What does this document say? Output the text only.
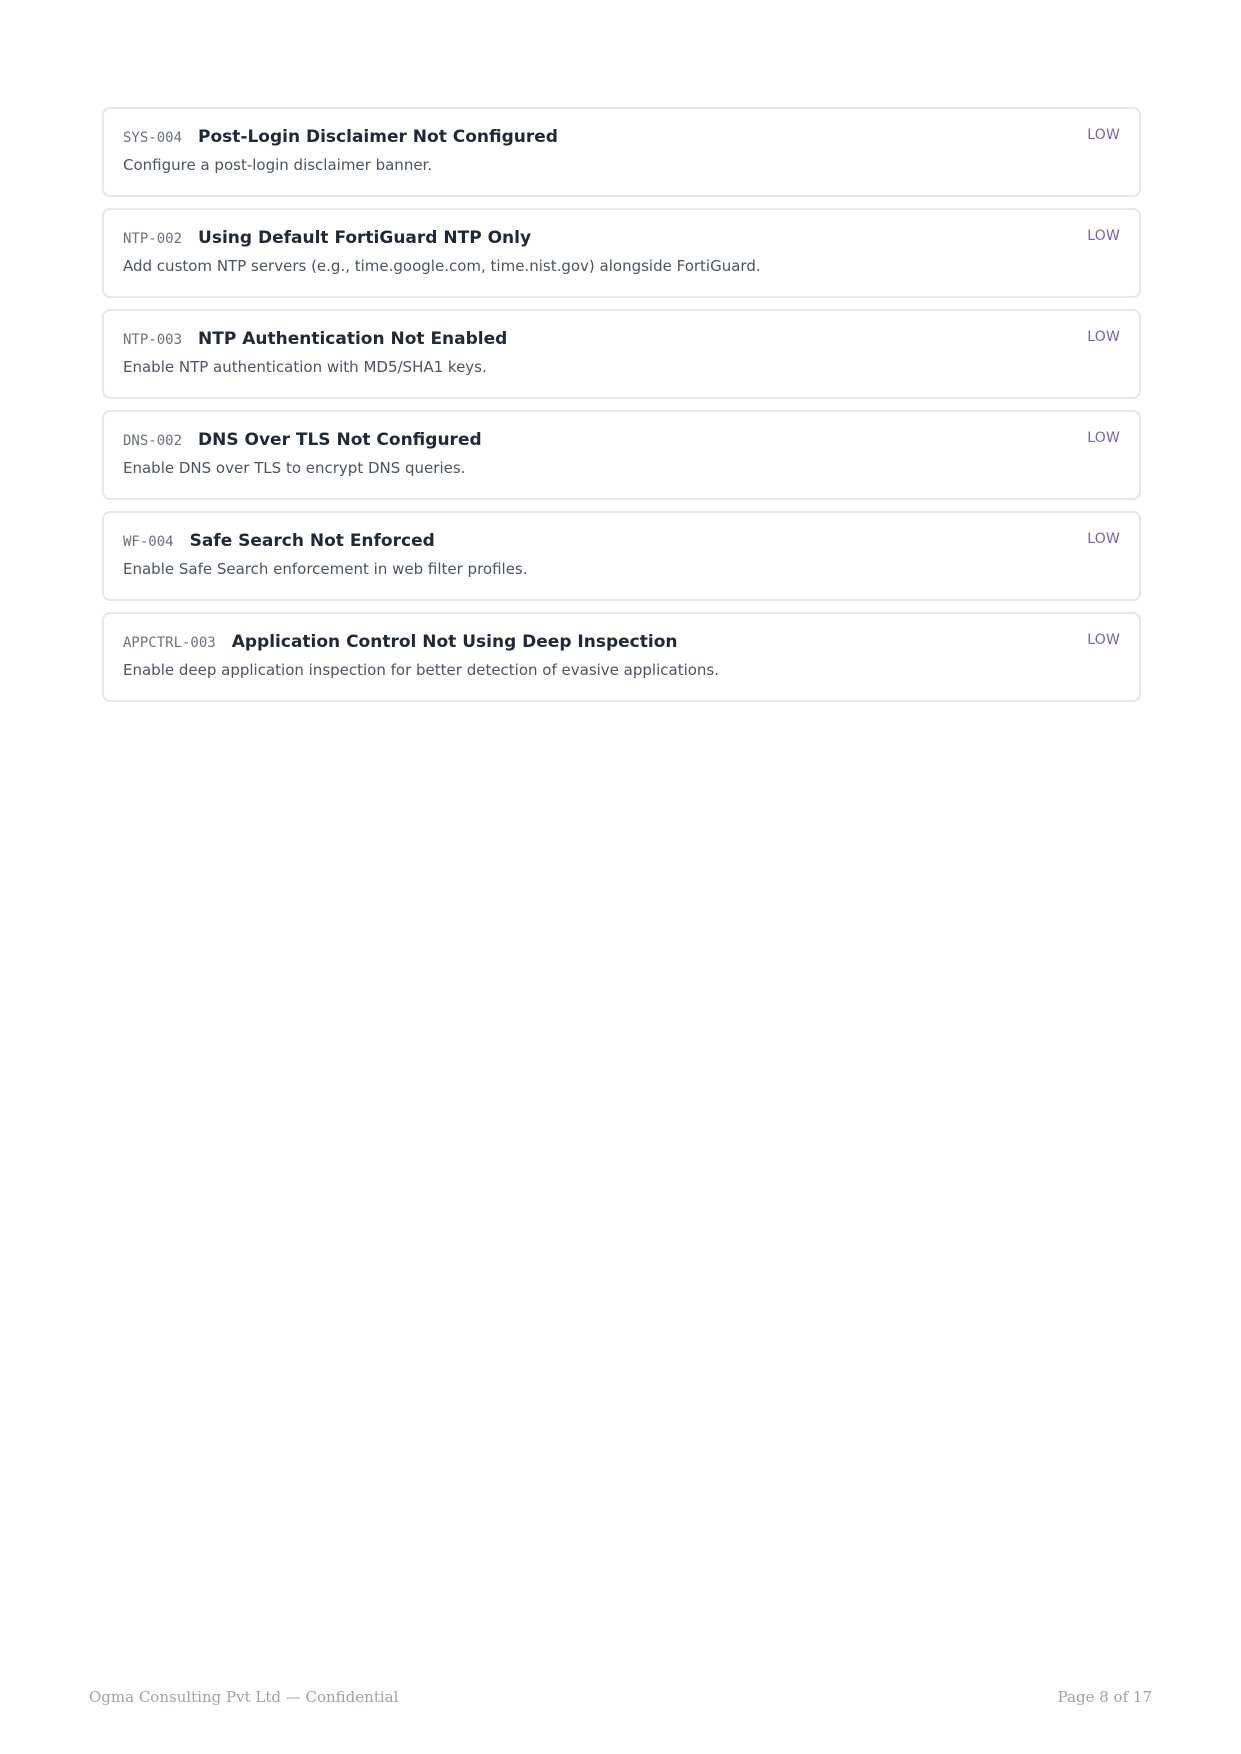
SYS-004 Post-Login Disclaimer Not Configured
Configure a post-login disclaimer banner.
LOW
NTP-002 Using Default FortiGuard NTP Only
Add custom NTP servers (e.g., time.google.com, time.nist.gov) alongside FortiGuard.
LOW
NTP-003 NTP Authentication Not Enabled
Enable NTP authentication with MD5/SHA1 keys.
LOW
DNS-002 DNS Over TLS Not Configured
Enable DNS over TLS to encrypt DNS queries.
LOW
WF-004 Safe Search Not Enforced
Enable Safe Search enforcement in web filter profiles.
LOW
APPCTRL-003 Application Control Not Using Deep Inspection
Enable deep application inspection for better detection of evasive applications.
LOW
Ogma Consulting Pvt Ltd — Confidential	Page 8 of 17
